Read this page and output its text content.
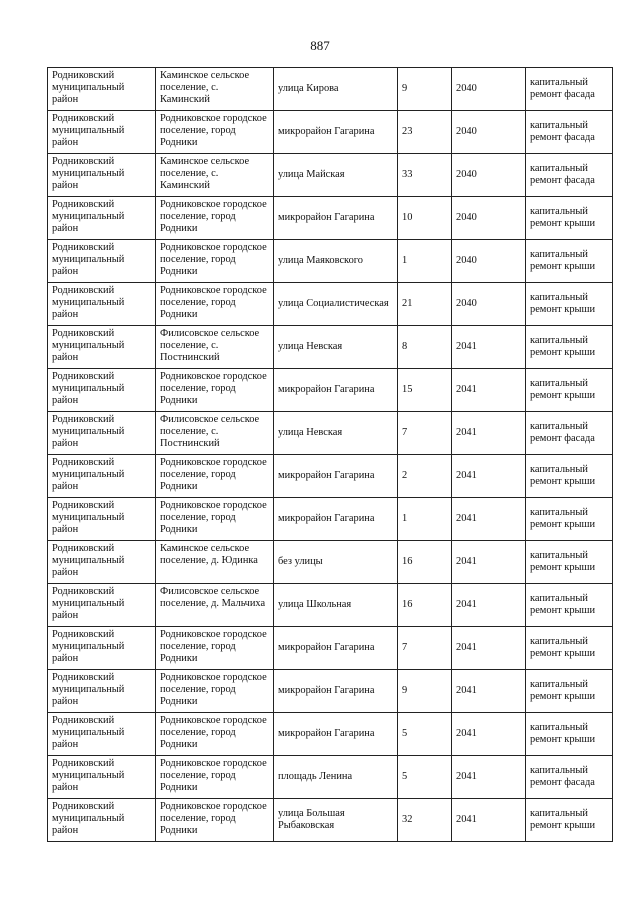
887
Родниковский муниципальный район	Каминское сельское поселение, с. Каминский	улица Кирова	9	2040	капитальный ремонт фасада
Родниковский муниципальный район	Родниковское городское поселение, город Родники	микрорайон Гагарина	23	2040	капитальный ремонт фасада
Родниковский муниципальный район	Каминское сельское поселение, с. Каминский	улица Майская	33	2040	капитальный ремонт фасада
Родниковский муниципальный район	Родниковское городское поселение, город Родники	микрорайон Гагарина	10	2040	капитальный ремонт крыши
Родниковский муниципальный район	Родниковское городское поселение, город Родники	улица Маяковского	1	2040	капитальный ремонт крыши
Родниковский муниципальный район	Родниковское городское поселение, город Родники	улица Социалистическая	21	2040	капитальный ремонт крыши
Родниковский муниципальный район	Филисовское сельское поселение, с. Постнинский	улица Невская	8	2041	капитальный ремонт крыши
Родниковский муниципальный район	Родниковское городское поселение, город Родники	микрорайон Гагарина	15	2041	капитальный ремонт крыши
Родниковский муниципальный район	Филисовское сельское поселение, с. Постнинский	улица Невская	7	2041	капитальный ремонт фасада
Родниковский муниципальный район	Родниковское городское поселение, город Родники	микрорайон Гагарина	2	2041	капитальный ремонт крыши
Родниковский муниципальный район	Родниковское городское поселение, город Родники	микрорайон Гагарина	1	2041	капитальный ремонт крыши
Родниковский муниципальный район	Каминское сельское поселение, д. Юдинка	без улицы	16	2041	капитальный ремонт крыши
Родниковский муниципальный район	Филисовское сельское поселение, д. Мальчиха	улица Школьная	16	2041	капитальный ремонт крыши
Родниковский муниципальный район	Родниковское городское поселение, город Родники	микрорайон Гагарина	7	2041	капитальный ремонт крыши
Родниковский муниципальный район	Родниковское городское поселение, город Родники	микрорайон Гагарина	9	2041	капитальный ремонт крыши
Родниковский муниципальный район	Родниковское городское поселение, город Родники	микрорайон Гагарина	5	2041	капитальный ремонт крыши
Родниковский муниципальный район	Родниковское городское поселение, город Родники	площадь Ленина	5	2041	капитальный ремонт фасада
Родниковский муниципальный район	Родниковское городское поселение, город Родники	улица Большая Рыбаковская	32	2041	капитальный ремонт крыши
